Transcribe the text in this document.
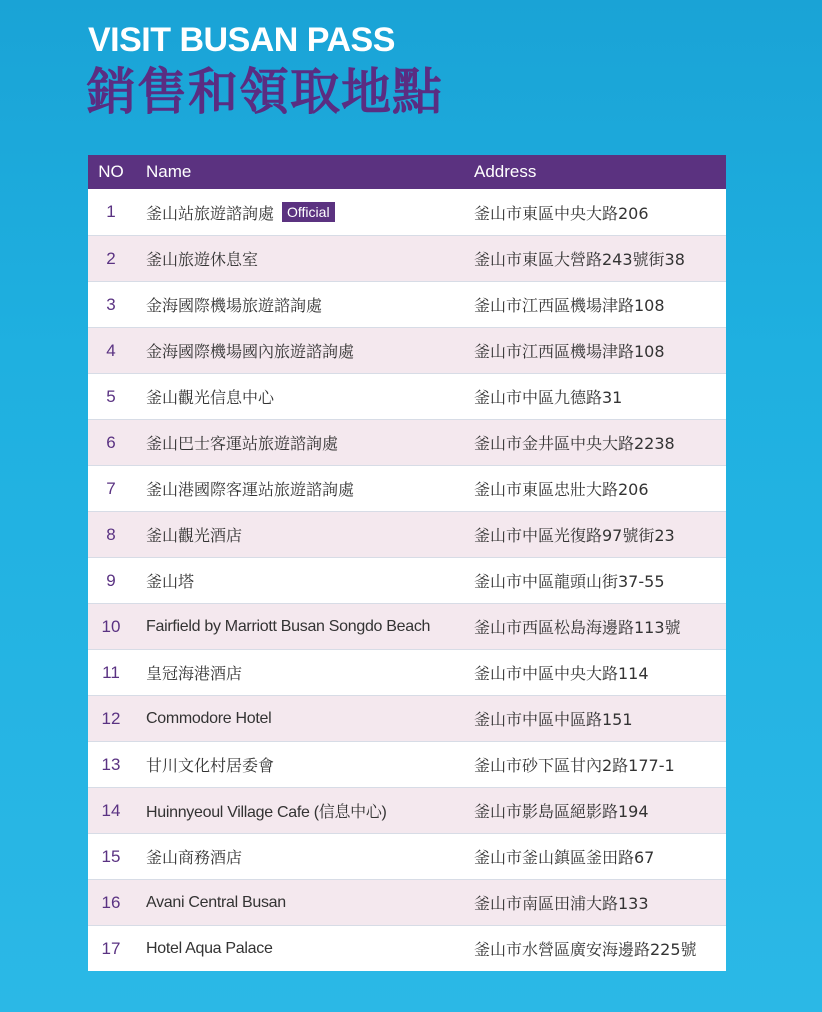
VISIT BUSAN PASS
銷售和領取地點
NO	Name	Address
1	釜山站旅遊諮詢處 Official	釜山市東區中央大路206
2	釜山旅遊休息室	釜山市東區大營路243號街38
3	金海國際機場旅遊諮詢處	釜山市江西區機場津路108
4	金海國際機場國內旅遊諮詢處	釜山市江西區機場津路108
5	釜山觀光信息中心	釜山市中區九德路31
6	釜山巴士客運站旅遊諮詢處	釜山市金井區中央大路2238
7	釜山港國際客運站旅遊諮詢處	釜山市東區忠壯大路206
8	釜山觀光酒店	釜山市中區光復路97號街23
9	釜山塔	釜山市中區龍頭山街37-55
10	Fairfield by Marriott Busan Songdo Beach	釜山市西區松島海邊路113號
11	皇冠海港酒店	釜山市中區中央大路114
12	Commodore Hotel	釜山市中區中區路151
13	甘川文化村居委會	釜山市砂下區甘內2路177-1
14	Huinnyeoul Village Cafe (信息中心)	釜山市影島區絕影路194
15	釜山商務酒店	釜山市釜山鎮區釜田路67
16	Avani Central Busan	釜山市南區田浦大路133
17	Hotel Aqua Palace	釜山市水營區廣安海邊路225號
